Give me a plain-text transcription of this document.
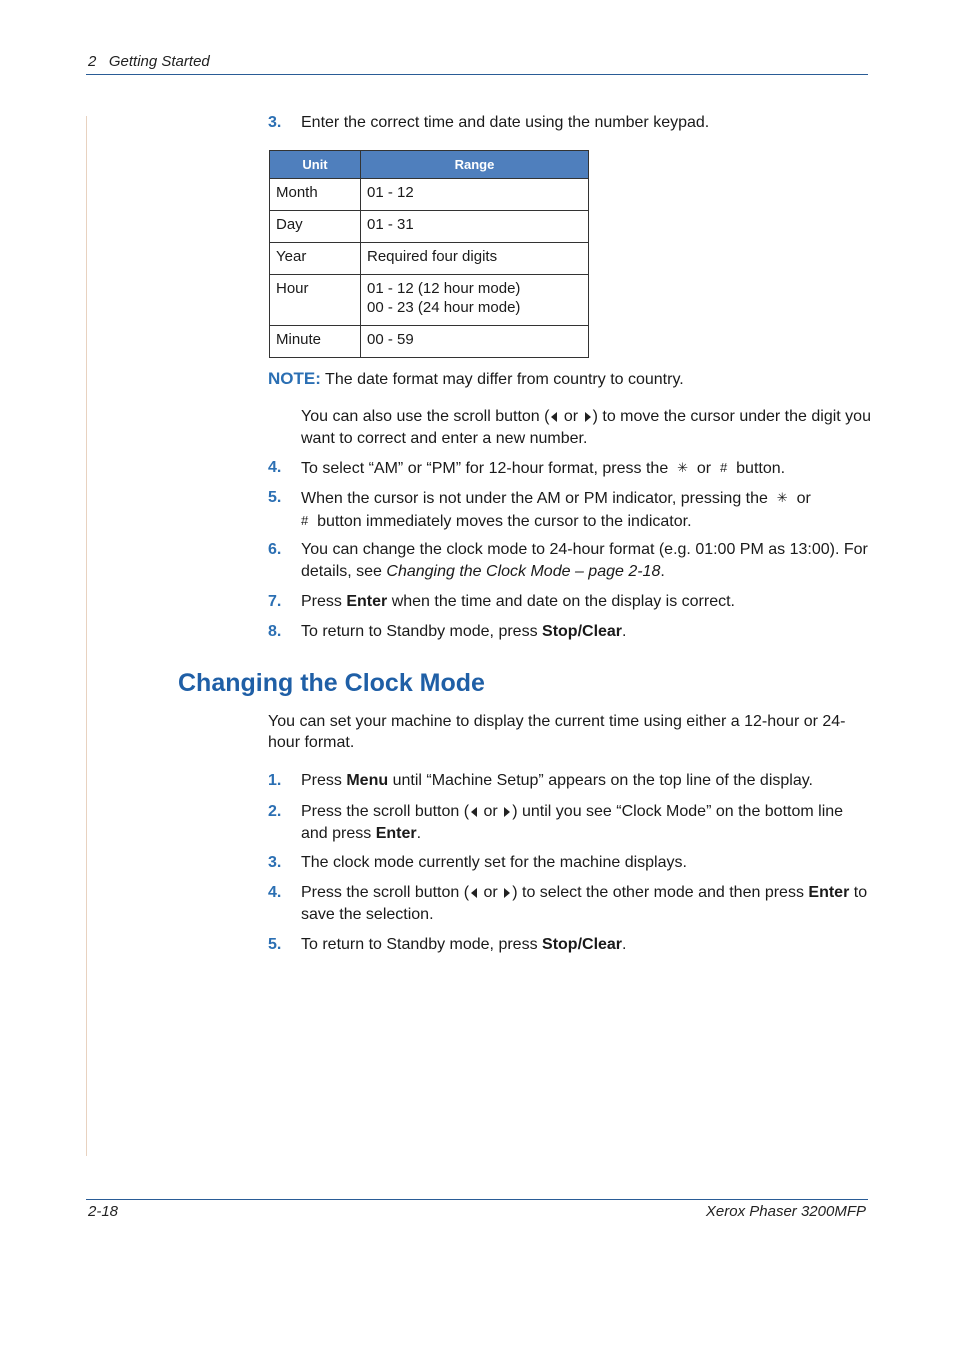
2 Getting Started
3. Enter the correct time and date using the number keypad.
Unit	Range
Month	01 - 12
Day	01 - 31
Year	Required four digits
Hour	01 - 12 (12 hour mode)
00 - 23 (24 hour mode)

Minute	00 - 59
NOTE: The date format may differ from country to country.
You can also use the scroll button ( or ) to move the cursor under the digit you want to correct and enter a new number.
4. To select “AM” or “PM” for 12-hour format, press the ✳ or # button.
5. When the cursor is not under the AM or PM indicator, pressing the ✳ or
# button immediately moves the cursor to the indicator.
6. You can change the clock mode to 24-hour format (e.g. 01:00 PM as 13:00). For details, see Changing the Clock Mode – page 2-18.
7. Press Enter when the time and date on the display is correct.
8. To return to Standby mode, press Stop/Clear.
Changing the Clock Mode
You can set your machine to display the current time using either a 12-hour or 24-hour format.
1. Press Menu until “Machine Setup” appears on the top line of the display.
2. Press the scroll button ( or ) until you see “Clock Mode” on the bottom line and press Enter.
3. The clock mode currently set for the machine displays.
4. Press the scroll button ( or ) to select the other mode and then press Enter to save the selection.
5. To return to Standby mode, press Stop/Clear.
2-18	Xerox Phaser 3200MFP
